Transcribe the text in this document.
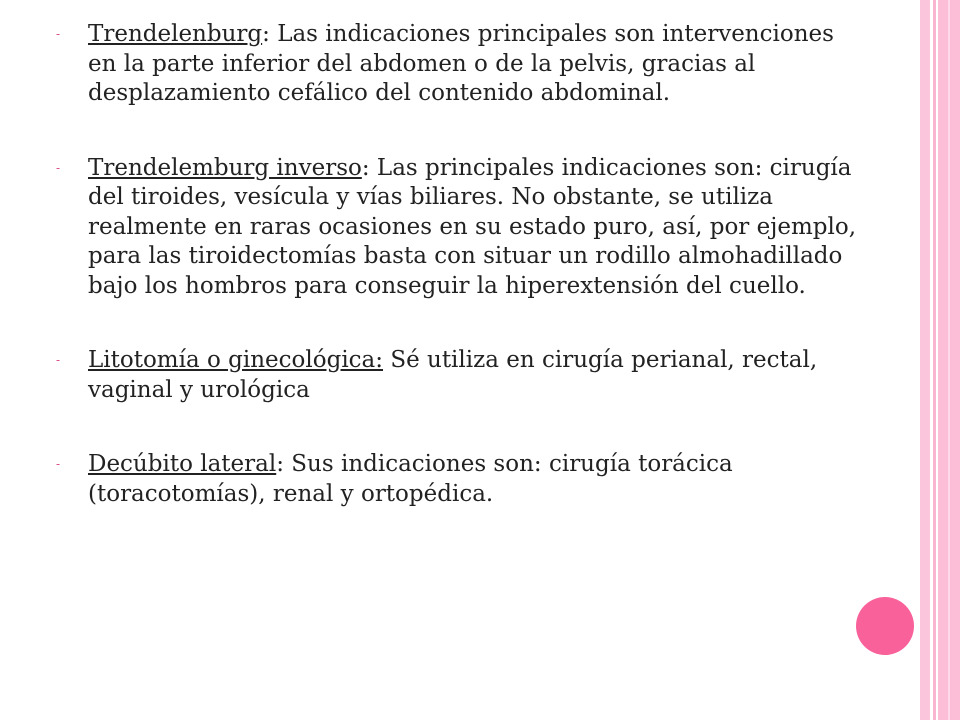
- Trendelenburg: Las indicaciones principales son intervenciones en la parte inferior del abdomen o de la pelvis, gracias al desplazamiento cefálico del contenido abdominal.

- Trendelemburg inverso: Las principales indicaciones son: cirugía del tiroides, vesícula y vías biliares. No obstante, se utiliza realmente en raras ocasiones en su estado puro, así, por ejemplo, para las tiroidectomías basta con situar un rodillo almohadillado bajo los hombros para conseguir la hiperextensión del cuello.

- Litotomía o ginecológica: Sé utiliza en cirugía perianal, rectal, vaginal y urológica

- Decúbito lateral: Sus indicaciones son: cirugía torácica (toracotomías), renal y ortopédica.
